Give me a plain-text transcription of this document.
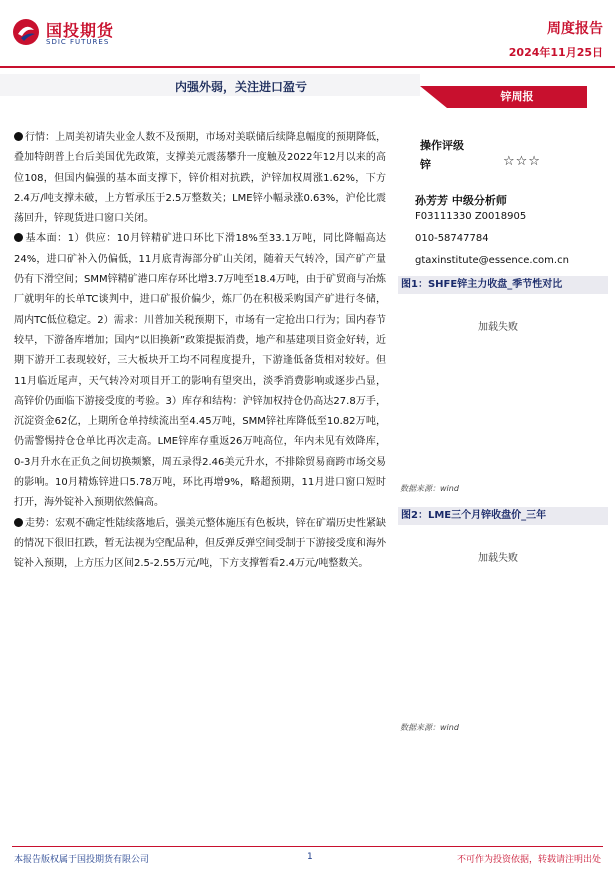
国投期货
SDIC FUTURES
周度报告
2024年11月25日
内强外弱，关注进口盈亏
锌周报

行情：上周美初请失业金人数不及预期，市场对美联储后续降息幅度的预期降低，叠加特朗普上台后美国优先政策，支撑美元震荡攀升一度触及2022年12月以来的高位108，但国内偏强的基本面支撑下，锌价相对抗跌，沪锌加权周涨1.62%，下方2.4万/吨支撑未破，上方暂承压于2.5万整数关；LME锌小幅录涨0.63%，沪伦比震荡回升，锌现货进口窗口关闭。

基本面：1）供应：10月锌精矿进口环比下滑18%至33.1万吨，同比降幅高达24%，进口矿补入仍偏低，11月底青海部分矿山关闭，随着天气转冷，国产矿产量仍有下滑空间；SMM锌精矿港口库存环比增3.7万吨至18.4万吨，由于矿贸商与冶炼厂就明年的长单TC谈判中，进口矿报价偏少，炼厂仍在积极采购国产矿进行冬储，周内TC低位稳定。2）需求：川普加关税预期下，市场有一定抢出口行为；国内春节较早，下游备库增加；国内“以旧换新”政策提振消费，地产和基建项目资金好转，近期下游开工表现较好，三大板块开工均不同程度提升，下游逢低备货相对较好。但11月临近尾声，天气转冷对项目开工的影响有望突出，淡季消费影响或逐步凸显，高锌价仍面临下游接受度的考验。3）库存和结构：沪锌加权持仓仍高达27.8万手，沉淀资金62亿，上期所仓单持续流出至4.45万吨，SMM锌社库降低至10.82万吨，仍需警惕持仓仓单比再次走高。LME锌库存重返26万吨高位，年内未见有效降库，0-3月升水在正负之间切换频繁，周五录得2.46美元升水，不排除贸易商跨市场交易的影响。10月精炼锌进口5.78万吨，环比再增9%，略超预期，11月进口窗口短时打开，海外锭补入预期依然偏高。

走势：宏观不确定性陆续落地后，强美元整体施压有色板块，锌在矿端历史性紧缺的情况下很旧扛跌，暂无法视为空配品种，但反弹反弹空间受制于下游接受度和海外锭补入预期，上方压力区间2.5-2.55万元/吨，下方支撑暂看2.4万元/吨整数关。

操作评级
锌	☆☆☆
孙芳芳 中级分析师
F03111330 Z0018905
010-58747784
gtaxinstitute@essence.com.cn
图1：SHFE锌主力收盘_季节性对比
加载失败
数据来源：wind
图2：LME三个月锌收盘价_三年
加载失败
数据来源：wind
本报告版权属于国投期货有限公司	1	不可作为投资依据，转载请注明出处
